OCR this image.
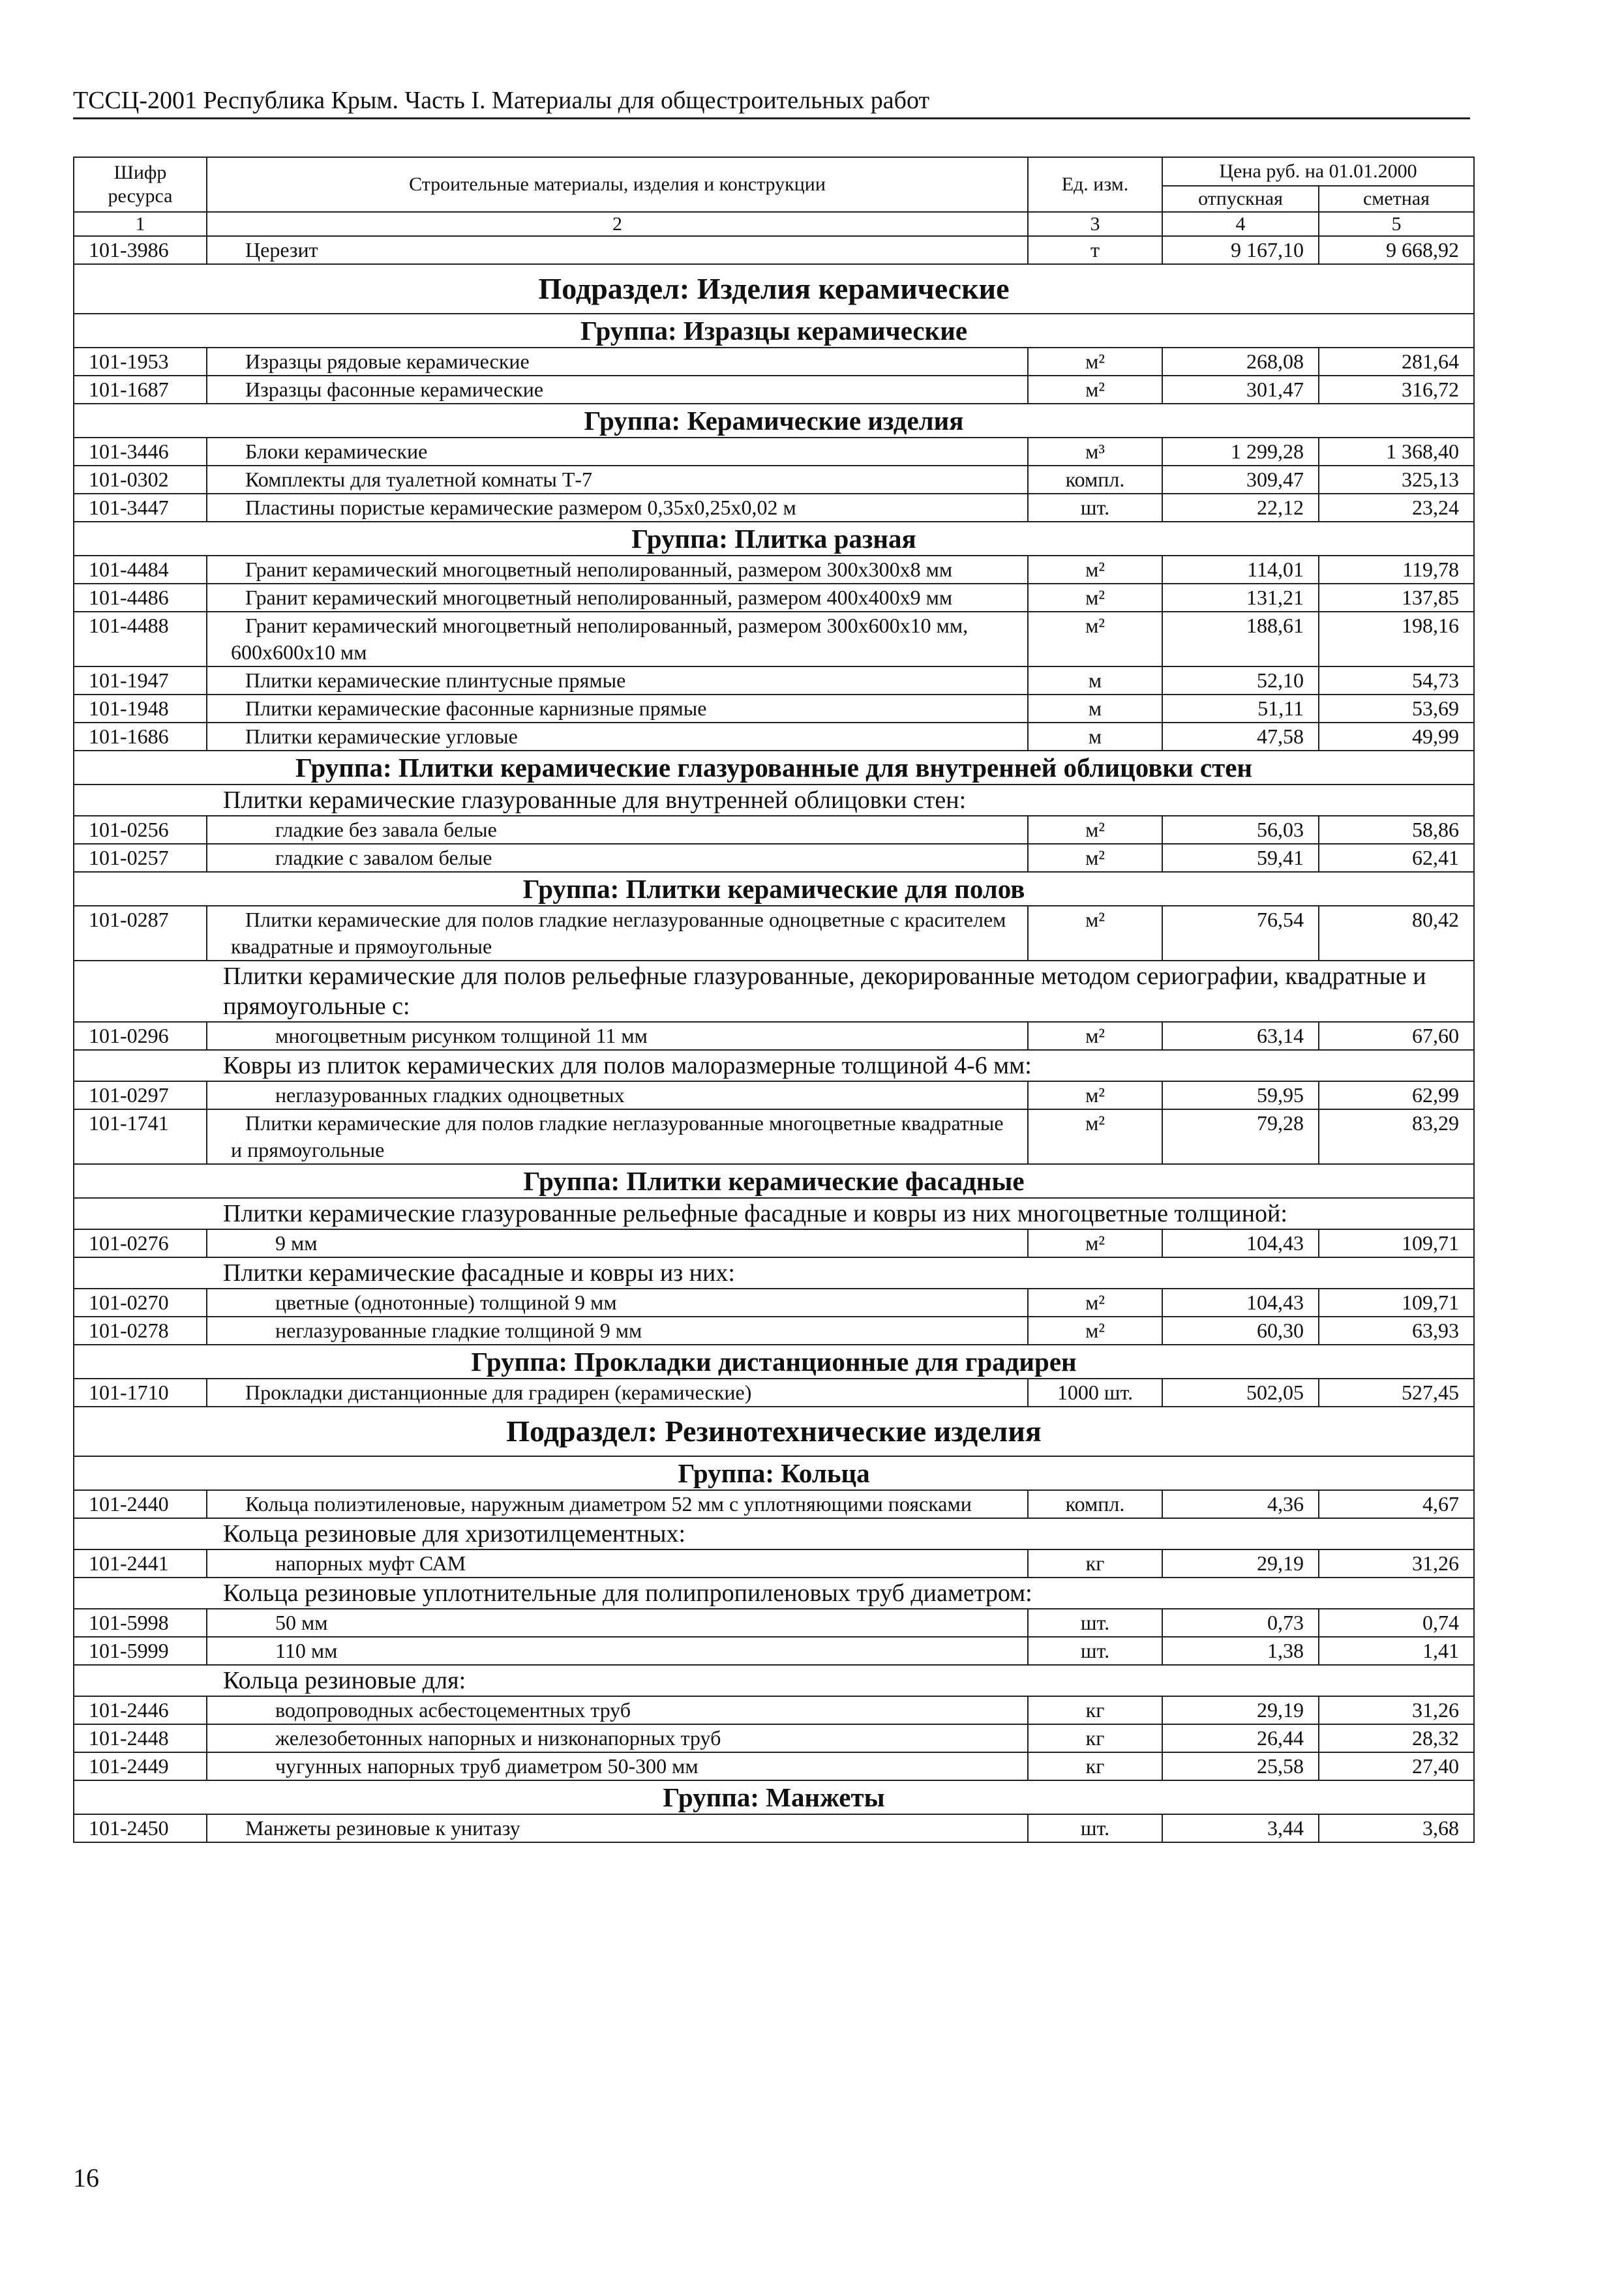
ТССЦ-2001 Республика Крым. Часть I. Материалы для общестроительных работ
Шифр ресурса	Строительные материалы, изделия и конструкции	Ед. изм.	Цена руб. на 01.01.2000	
			отпускная	сметная
1	2	3	4	5
101-3986	Церезит	т	9 167,10	9 668,92
Подраздел: Изделия керамические				
Группа: Изразцы керамические				
101-1953	Изразцы рядовые керамические	м²	268,08	281,64
101-1687	Изразцы фасонные керамические	м²	301,47	316,72
Группа: Керамические изделия				
101-3446	Блоки керамические	м³	1 299,28	1 368,40
101-0302	Комплекты для туалетной комнаты Т-7	компл.	309,47	325,13
101-3447	Пластины пористые керамические размером 0,35х0,25х0,02 м	шт.	22,12	23,24
Группа: Плитка разная				
101-4484	Гранит керамический многоцветный неполированный, размером 300х300х8 мм	м²	114,01	119,78
101-4486	Гранит керамический многоцветный неполированный, размером 400х400х9 мм	м²	131,21	137,85
101-4488	Гранит керамический многоцветный неполированный, размером 300х600х10 мм, 600х600х10 мм	м²	188,61	198,16
101-1947	Плитки керамические плинтусные прямые	м	52,10	54,73
101-1948	Плитки керамические фасонные карнизные прямые	м	51,11	53,69
101-1686	Плитки керамические угловые	м	47,58	49,99
Группа: Плитки керамические глазурованные для внутренней облицовки стен				
Плитки керамические глазурованные для внутренней облицовки стен:				
101-0256	гладкие без завала белые	м²	56,03	58,86
101-0257	гладкие с завалом белые	м²	59,41	62,41
Группа: Плитки керамические для полов				
101-0287	Плитки керамические для полов гладкие неглазурованные одноцветные с красителем квадратные и прямоугольные	м²	76,54	80,42
Плитки керамические для полов рельефные глазурованные, декорированные методом сериографии, квадратные и прямоугольные с:				
101-0296	многоцветным рисунком толщиной 11 мм	м²	63,14	67,60
Ковры из плиток керамических для полов малоразмерные толщиной 4-6 мм:				
101-0297	неглазурованных гладких одноцветных	м²	59,95	62,99
101-1741	Плитки керамические для полов гладкие неглазурованные многоцветные квадратные и прямоугольные	м²	79,28	83,29
Группа: Плитки керамические фасадные				
Плитки керамические глазурованные рельефные фасадные и ковры из них многоцветные толщиной:				
101-0276	9 мм	м²	104,43	109,71
Плитки керамические фасадные и ковры из них:				
101-0270	цветные (однотонные) толщиной 9 мм	м²	104,43	109,71
101-0278	неглазурованные гладкие толщиной 9 мм	м²	60,30	63,93
Группа: Прокладки дистанционные для градирен				
101-1710	Прокладки дистанционные для градирен (керамические)	1000 шт.	502,05	527,45
Подраздел: Резинотехнические изделия				
Группа: Кольца				
101-2440	Кольца полиэтиленовые, наружным диаметром 52 мм с уплотняющими поясками	компл.	4,36	4,67
Кольца резиновые для хризотилцементных:				
101-2441	напорных муфт САМ	кг	29,19	31,26
Кольца резиновые уплотнительные для полипропиленовых труб диаметром:				
101-5998	50 мм	шт.	0,73	0,74
101-5999	110 мм	шт.	1,38	1,41
Кольца резиновые для:				
101-2446	водопроводных асбестоцементных труб	кг	29,19	31,26
101-2448	железобетонных напорных и низконапорных труб	кг	26,44	28,32
101-2449	чугунных напорных труб диаметром 50-300 мм	кг	25,58	27,40
Группа: Манжеты				
101-2450	Манжеты резиновые к унитазу	шт.	3,44	3,68
16
